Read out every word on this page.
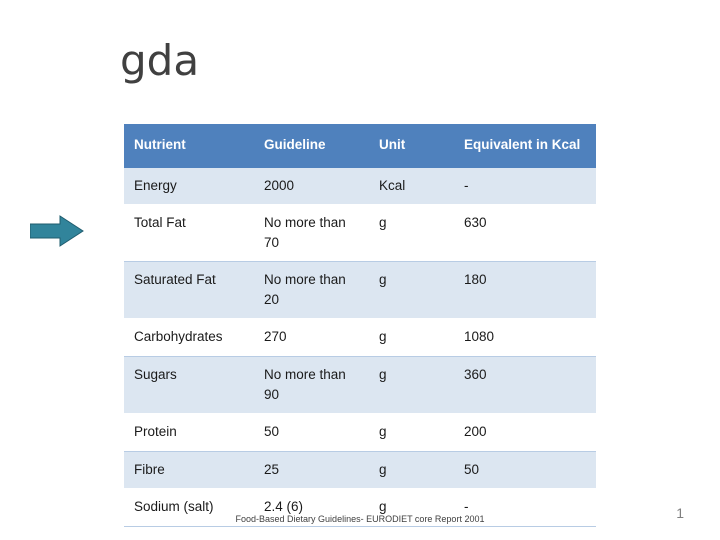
gda
Nutrient	Guideline	Unit	Equivalent in Kcal
Energy	2000	Kcal	-
Total Fat	No more than 70	g	630
Saturated Fat	No more than 20	g	180
Carbohydrates	270	g	1080
Sugars	No more than 90	g	360
Protein	50	g	200
Fibre	25	g	50
Sodium (salt)	2.4 (6)	g	-
Food-Based Dietary Guidelines- EURODIET core Report 2001	1
